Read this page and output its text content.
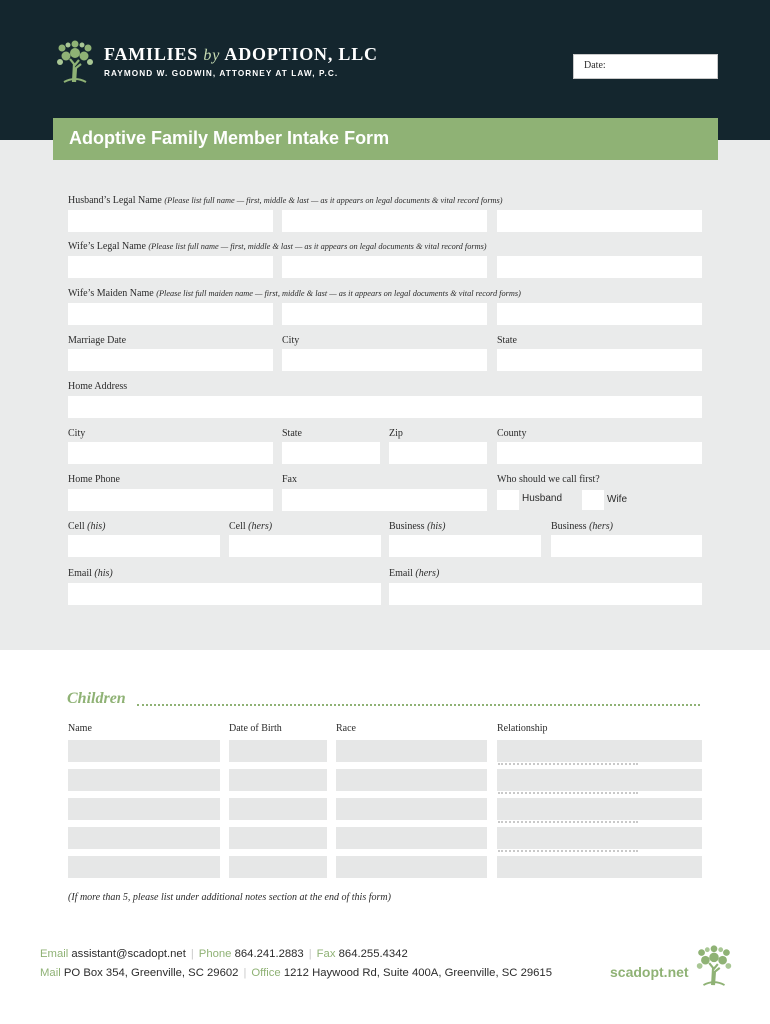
FAMILIES by ADOPTION, LLC
RAYMOND W. GODWIN, ATTORNEY AT LAW, P.C.
Date:
Adoptive Family Member Intake Form
Husband’s Legal Name (Please list full name — first, middle & last — as it appears on legal documents & vital record forms)
Wife’s Legal Name (Please list full name — first, middle & last — as it appears on legal documents & vital record forms)
Wife’s Maiden Name (Please list full maiden name — first, middle & last — as it appears on legal documents & vital record forms)
Marriage Date	City	State
Home Address
City	State	Zip	County
Home Phone	Fax	Who should we call first?
Husband	Wife
Cell (his)	Cell (hers)	Business (his)	Business (hers)
Email (his)	Email (hers)
Children
Name	Date of Birth	Race	Relationship
(If more than 5, please list under additional notes section at the end of this form)
Email assistant@scadopt.net | Phone 864.241.2883 | Fax 864.255.4342
Mail PO Box 354, Greenville, SC 29602 | Office 1212 Haywood Rd, Suite 400A, Greenville, SC 29615	scadopt.net
